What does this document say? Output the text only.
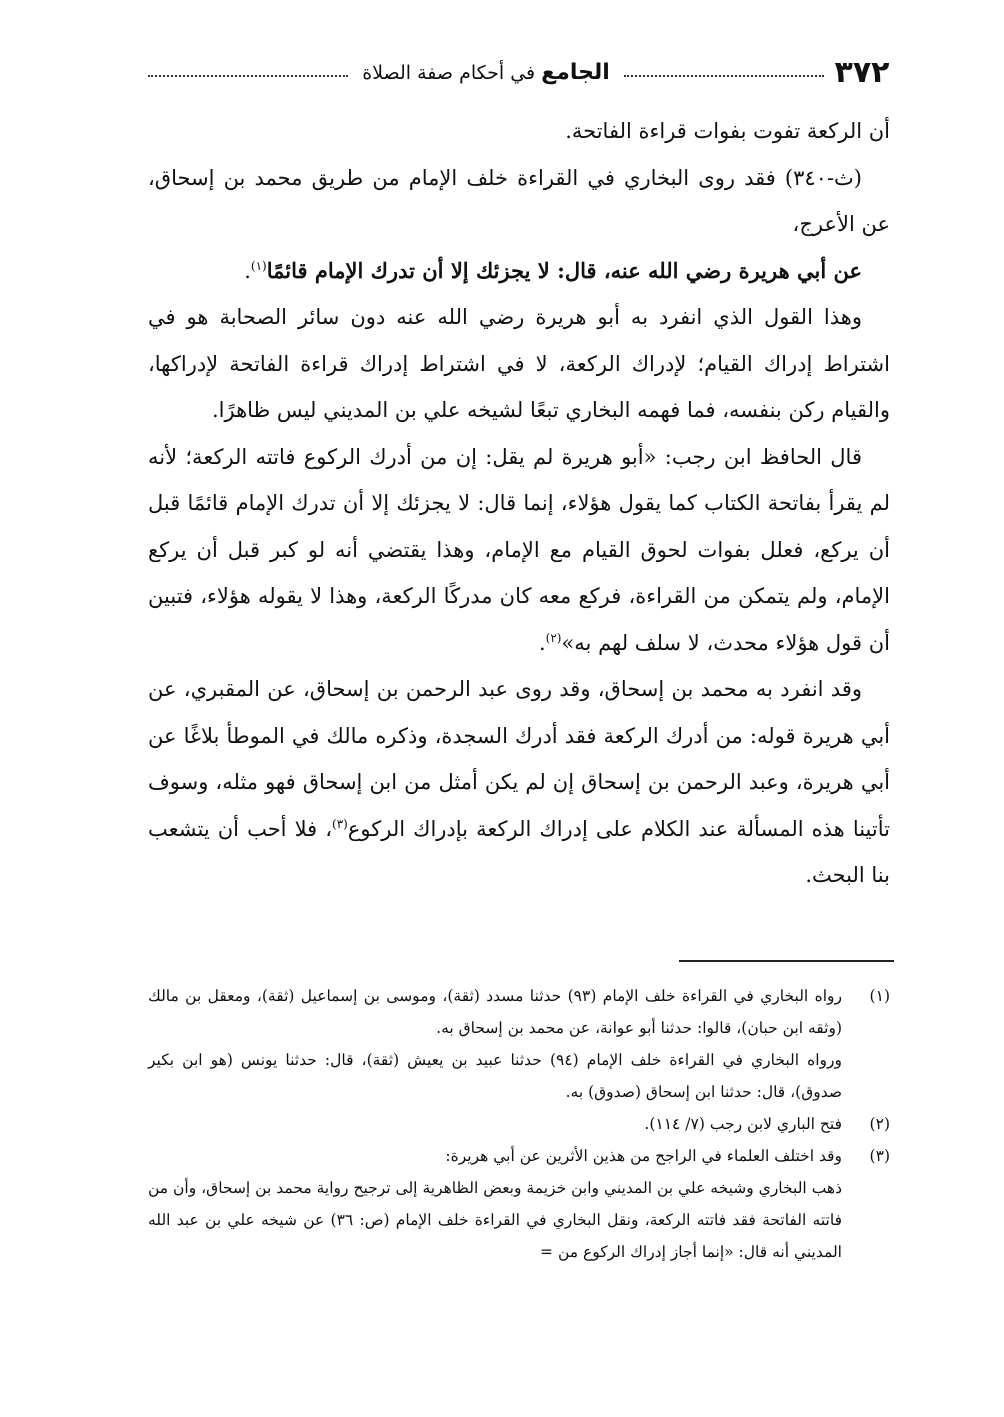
٣٧٢
الجامع في أحكام صفة الصلاة

أن الركعة تفوت بفوات قراءة الفاتحة.

(ث-٣٤٠) فقد روى البخاري في القراءة خلف الإمام من طريق محمد بن إسحاق، عن الأعرج،

عن أبي هريرة رضي الله عنه، قال: لا يجزئك إلا أن تدرك الإمام قائمًا$^{(١)}$.

وهذا القول الذي انفرد به أبو هريرة رضي الله عنه دون سائر الصحابة هو في اشتراط إدراك القيام؛ لإدراك الركعة، لا في اشتراط إدراك قراءة الفاتحة لإدراكها، والقيام ركن بنفسه، فما فهمه البخاري تبعًا لشيخه علي بن المديني ليس ظاهرًا.

قال الحافظ ابن رجب: «أبو هريرة لم يقل: إن من أدرك الركوع فاتته الركعة؛ لأنه لم يقرأ بفاتحة الكتاب كما يقول هؤلاء، إنما قال: لا يجزئك إلا أن تدرك الإمام قائمًا قبل أن يركع، فعلل بفوات لحوق القيام مع الإمام، وهذا يقتضي أنه لو كبر قبل أن يركع الإمام، ولم يتمكن من القراءة، فركع معه كان مدركًا الركعة، وهذا لا يقوله هؤلاء، فتبين أن قول هؤلاء محدث، لا سلف لهم به»$^{(٢)}$.

وقد انفرد به محمد بن إسحاق، وقد روى عبد الرحمن بن إسحاق، عن المقبري، عن أبي هريرة قوله: من أدرك الركعة فقد أدرك السجدة، وذكره مالك في الموطأ بلاغًا عن أبي هريرة، وعبد الرحمن بن إسحاق إن لم يكن أمثل من ابن إسحاق فهو مثله، وسوف تأتينا هذه المسألة عند الكلام على إدراك الركعة بإدراك الركوع$^{(٣)}$، فلا أحب أن يتشعب بنا البحث.

(١)

رواه البخاري في القراءة خلف الإمام (٩٣) حدثنا مسدد (ثقة)، وموسى بن إسماعيل (ثقة)، ومعقل بن مالك (وثقه ابن حبان)، قالوا: حدثنا أبو عوانة، عن محمد بن إسحاق به.

ورواه البخاري في القراءة خلف الإمام (٩٤) حدثنا عبيد بن يعيش (ثقة)، قال: حدثنا يونس (هو ابن بكير صدوق)، قال: حدثنا ابن إسحاق (صدوق) به.

(٢)

فتح الباري لابن رجب (٧/ ١١٤).

(٣)

وقد اختلف العلماء في الراجح من هذين الأثرين عن أبي هريرة:

ذهب البخاري وشيخه علي بن المديني وابن خزيمة وبعض الظاهرية إلى ترجيح رواية محمد بن إسحاق، وأن من فاتته الفاتحة فقد فاتته الركعة، ونقل البخاري في القراءة خلف الإمام (ص: ٣٦) عن شيخه علي بن عبد الله المديني أنه قال: «إنما أجاز إدراك الركوع من =
